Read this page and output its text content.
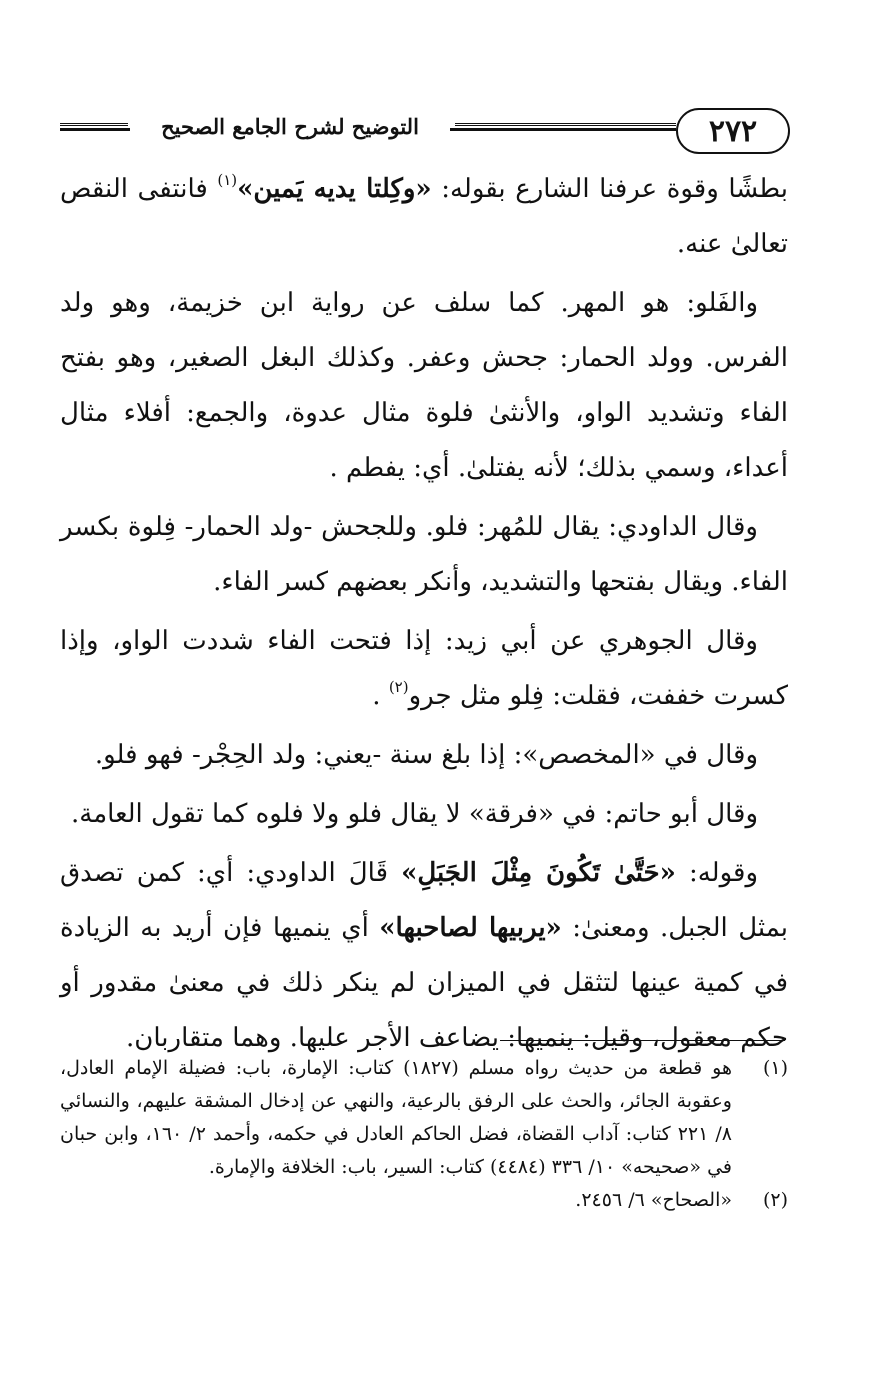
التوضيح لشرح الجامع الصحيح	٢٧٢

بطشًا وقوة عرفنا الشارع بقوله: «وكِلتا يديه يَمين»$^{(١)}$ فانتفى النقص تعالىٰ عنه.

والفَلو: هو المهر. كما سلف عن رواية ابن خزيمة، وهو ولد الفرس. وولد الحمار: جحش وعفر. وكذلك البغل الصغير، وهو بفتح الفاء وتشديد الواو، والأنثىٰ فلوة مثال عدوة، والجمع: أفلاء مثال أعداء، وسمي بذلك؛ لأنه يفتلىٰ. أي: يفطم .

وقال الداودي: يقال للمُهر: فلو. وللجحش -ولد الحمار- فِلوة بكسر الفاء. ويقال بفتحها والتشديد، وأنكر بعضهم كسر الفاء.

وقال الجوهري عن أبي زيد: إذا فتحت الفاء شددت الواو، وإذا كسرت خففت، فقلت: فِلو مثل جرو$^{(٢)}$ .

وقال في «المخصص»: إذا بلغ سنة -يعني: ولد الحِجْر- فهو فلو.

وقال أبو حاتم: في «فرقة» لا يقال فلو ولا فلوه كما تقول العامة.

وقوله: «حَتَّىٰ تَكُونَ مِثْلَ الجَبَلِ» قَالَ الداودي: أي: كمن تصدق بمثل الجبل. ومعنىٰ: «يربيها لصاحبها» أي ينميها فإن أريد به الزيادة في كمية عينها لتثقل في الميزان لم ينكر ذلك في معنىٰ مقدور أو حكم معقول، وقيل: ينميها: يضاعف الأجر عليها. وهما متقاربان.

(١)
هو قطعة من حديث رواه مسلم (١٨٢٧) كتاب: الإمارة، باب: فضيلة الإمام العادل، وعقوبة الجائر، والحث على الرفق بالرعية، والنهي عن إدخال المشقة عليهم، والنسائي ٨/ ٢٢١ كتاب: آداب القضاة، فضل الحاكم العادل في حكمه، وأحمد ٢/ ١٦٠، وابن حبان في «صحيحه» ١٠/ ٣٣٦ (٤٤٨٤) كتاب: السير، باب: الخلافة والإمارة.
(٢)
«الصحاح» ٦/ ٢٤٥٦.
